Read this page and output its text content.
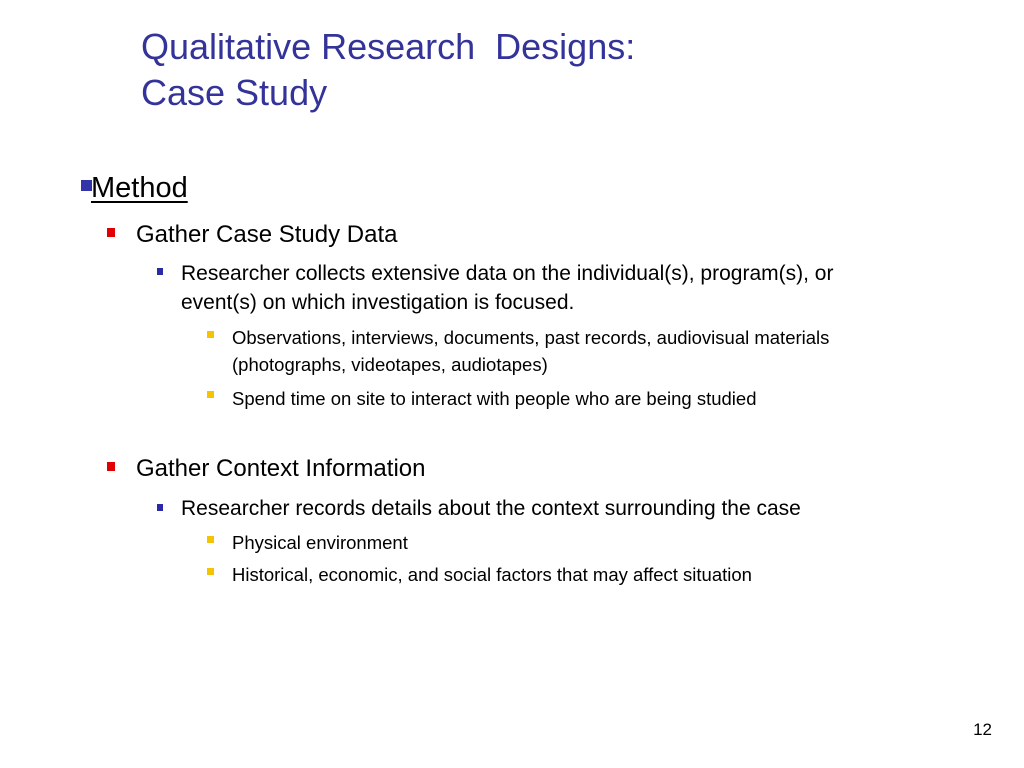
Qualitative Research  Designs:
Case Study
Method
Gather Case Study Data
Researcher collects extensive data on the individual(s), program(s), or
event(s) on which investigation is focused.
Observations, interviews, documents, past records, audiovisual materials
(photographs, videotapes, audiotapes)
Spend time on site to interact with people who are being studied
Gather Context Information
Researcher records details about the context surrounding the case
Physical environment
Historical, economic, and social factors that may affect situation
12
